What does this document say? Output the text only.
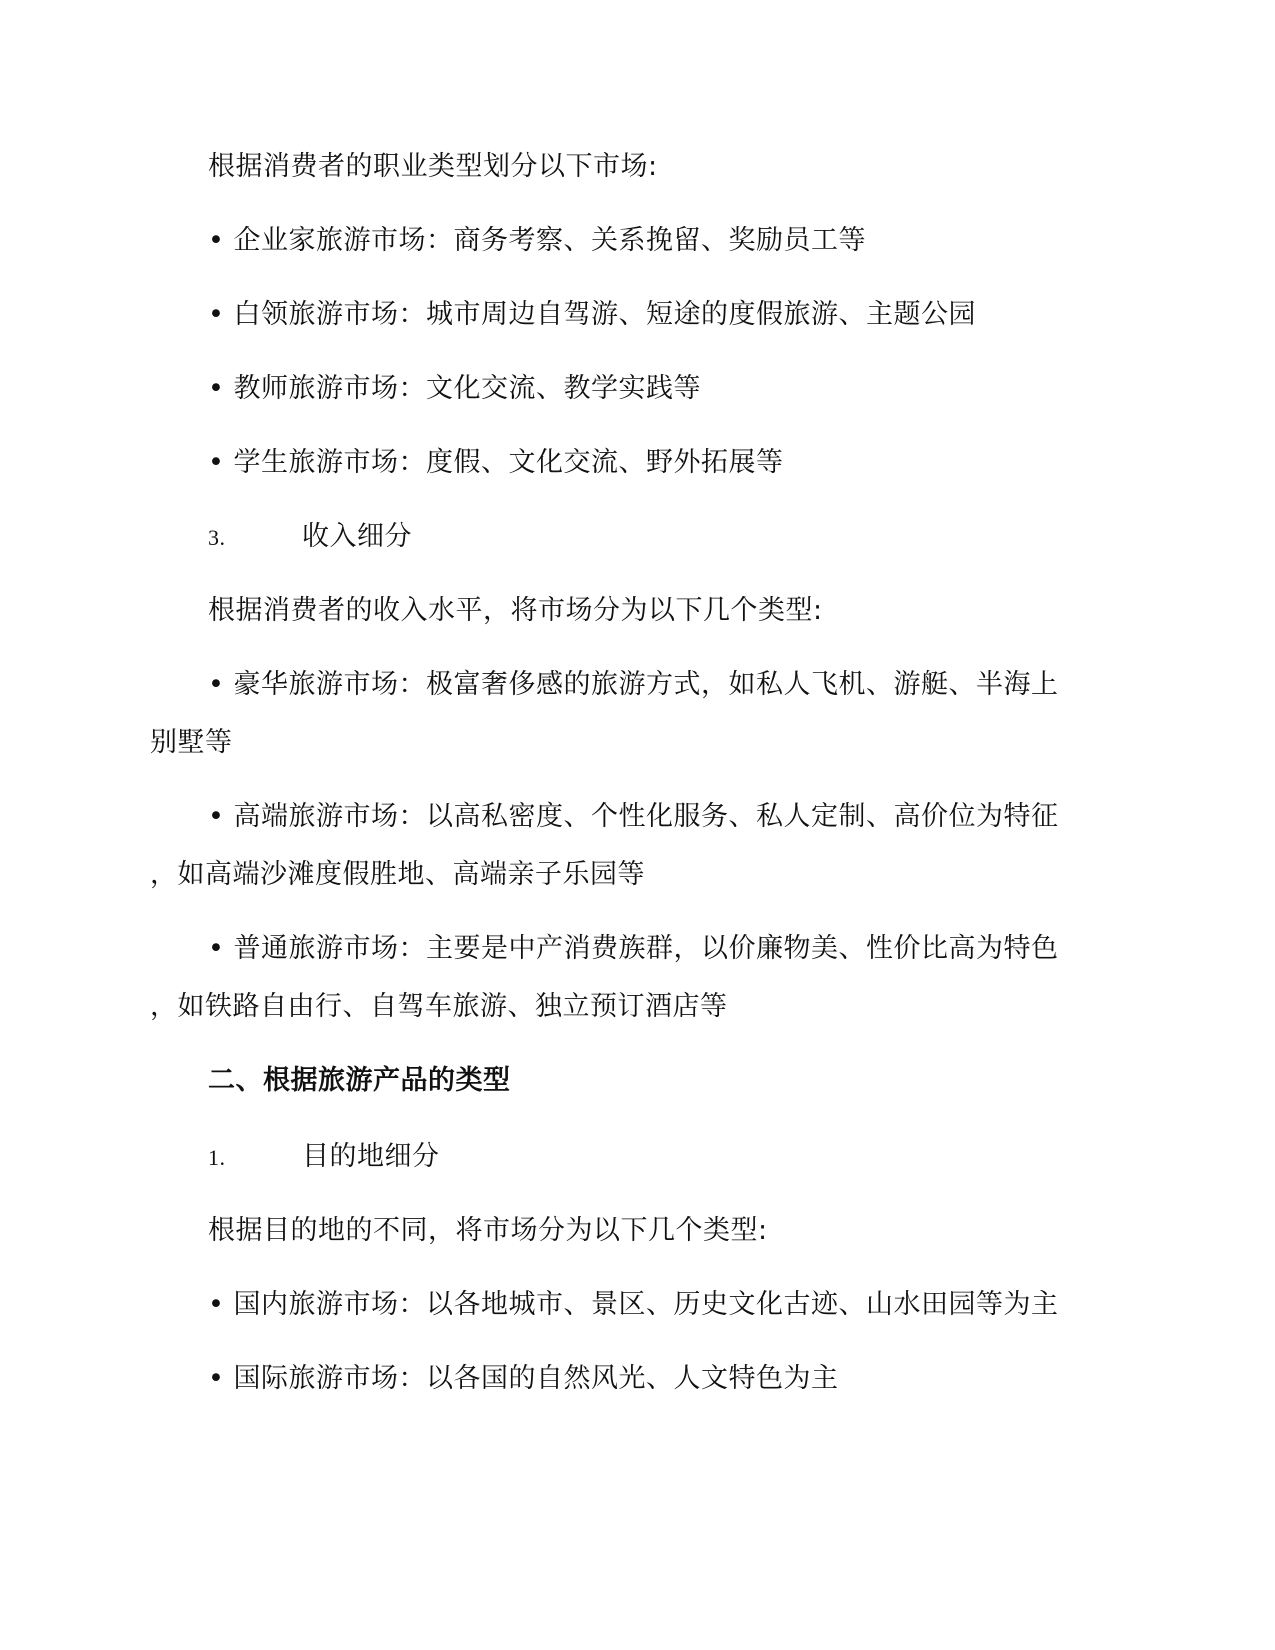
根据消费者的职业类型划分以下市场:
• 企业家旅游市场：商务考察、关系挽留、奖励员工等
• 白领旅游市场：城市周边自驾游、短途的度假旅游、主题公园
• 教师旅游市场：文化交流、教学实践等
• 学生旅游市场：度假、文化交流、野外拓展等
3.	收入细分
根据消费者的收入水平，将市场分为以下几个类型:
• 豪华旅游市场：极富奢侈感的旅游方式，如私人飞机、游艇、半海上
别墅等
• 高端旅游市场：以高私密度、个性化服务、私人定制、高价位为特征
，如高端沙滩度假胜地、高端亲子乐园等
• 普通旅游市场：主要是中产消费族群，以价廉物美、性价比高为特色
，如铁路自由行、自驾车旅游、独立预订酒店等
二、根据旅游产品的类型
1.	目的地细分
根据目的地的不同，将市场分为以下几个类型:
• 国内旅游市场：以各地城市、景区、历史文化古迹、山水田园等为主
• 国际旅游市场：以各国的自然风光、人文特色为主
